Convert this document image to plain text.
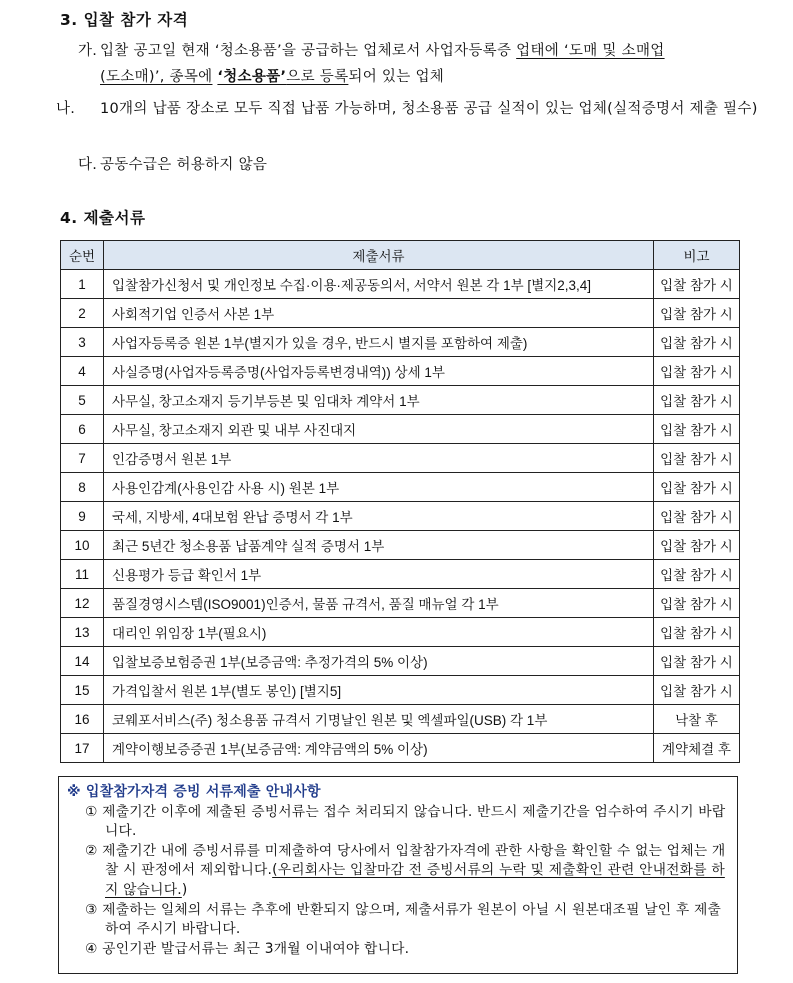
3. 입찰 참가 자격
가. 입찰 공고일 현재 ‘청소용품’을 공급하는 업체로서 사업자등록증 업태에 ‘도매 및 소매업
(도소매)’, 종목에 ‘청소용품’으로 등록되어 있는 업체
나. 10개의 납품 장소로 모두 직접 납품 가능하며, 청소용품 공급 실적이 있는 업체(실적증명서 제출 필수)
다. 공동수급은 허용하지 않음
4. 제출서류
순번	제출서류	비고
1	입찰참가신청서 및 개인정보 수집·이용·제공동의서, 서약서 원본 각 1부 [별지2,3,4]	입찰 참가 시
2	사회적기업 인증서 사본 1부	입찰 참가 시
3	사업자등록증 원본 1부(별지가 있을 경우, 반드시 별지를 포함하여 제출)	입찰 참가 시
4	사실증명(사업자등록증명(사업자등록변경내역)) 상세 1부	입찰 참가 시
5	사무실, 창고소재지 등기부등본 및 임대차 계약서 1부	입찰 참가 시
6	사무실, 창고소재지 외관 및 내부 사진대지	입찰 참가 시
7	인감증명서 원본 1부	입찰 참가 시
8	사용인감계(사용인감 사용 시) 원본 1부	입찰 참가 시
9	국세, 지방세, 4대보험 완납 증명서 각 1부	입찰 참가 시
10	최근 5년간 청소용품 납품계약 실적 증명서 1부	입찰 참가 시
11	신용평가 등급 확인서 1부	입찰 참가 시
12	품질경영시스템(ISO9001)인증서, 물품 규격서, 품질 매뉴얼 각 1부	입찰 참가 시
13	대리인 위임장 1부(필요시)	입찰 참가 시
14	입찰보증보험증권 1부(보증금액: 추정가격의 5% 이상)	입찰 참가 시
15	가격입찰서 원본 1부(별도 봉인) [별지5]	입찰 참가 시
16	코웨포서비스(주) 청소용품 규격서 기명날인 원본 및 엑셀파일(USB) 각 1부	낙찰 후
17	계약이행보증증권 1부(보증금액: 계약금액의 5% 이상)	계약체결 후
※ 입찰참가자격 증빙 서류제출 안내사항
① 제출기간 이후에 제출된 증빙서류는 접수 처리되지 않습니다. 반드시 제출기간을 엄수하여 주시기 바랍니다.
② 제출기간 내에 증빙서류를 미제출하여 당사에서 입찰참가자격에 관한 사항을 확인할 수 없는 업체는 개찰 시 판정에서 제외합니다.(우리회사는 입찰마감 전 증빙서류의 누락 및 제출확인 관련 안내전화를 하지 않습니다.)
③ 제출하는 일체의 서류는 추후에 반환되지 않으며, 제출서류가 원본이 아닐 시 원본대조필 날인 후 제출하여 주시기 바랍니다.
④ 공인기관 발급서류는 최근 3개월 이내여야 합니다.
